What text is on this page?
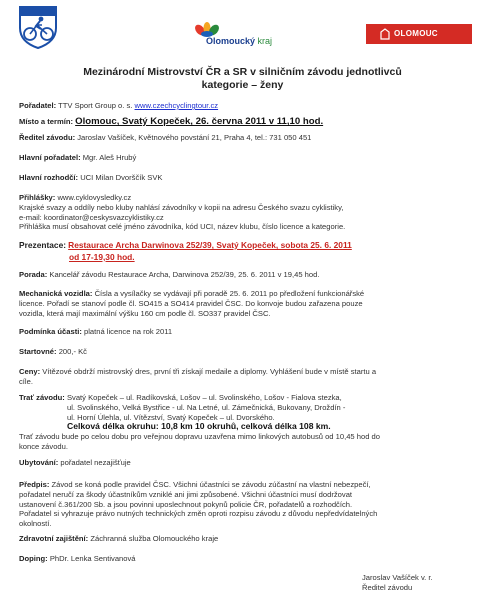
Olomoucký kraj
OLOMOUC
Mezinárodní Mistrovství ČR a SR v silničním závodu jednotlivců
kategorie – ženy
Pořadatel: TTV Sport Group o. s. www.czechcyclingtour.cz
Místo a termín: Olomouc, Svatý Kopeček, 26. června 2011 v 11,10 hod.
Ředitel závodu: Jaroslav Vašíček, Květnového povstání 21, Praha 4, tel.: 731 050 451
Hlavní pořadatel: Mgr. Aleš Hrubý
Hlavní rozhodčí: UCI Milan Dvorščík SVK
Přihlášky: www.cyklovysledky.cz
Krajské svazy a oddíly nebo kluby nahlásí závodníky v kopii na adresu Českého svazu cyklistiky,
e-mail: koordinator@ceskysvazcyklistiky.cz
Přihláška musí obsahovat celé jméno závodníka, kód UCI, název klubu, číslo licence a kategorie.
Prezentace: Restaurace Archa Darwinova 252/39, Svatý Kopeček, sobota 25. 6. 2011
od 17-19,30 hod.
Porada: Kancelář závodu Restaurace Archa, Darwinova 252/39, 25. 6. 2011 v 19,45 hod.
Mechanická vozidla: Čísla a vysílačky se vydávají při poradě 25. 6. 2011 po předložení funkcionářské
licence. Pořadí se stanoví podle čl. SO415 a SO414 pravidel ČSC. Do konvoje budou zařazena pouze
vozidla, která mají maximální výšku 160 cm podle čl. SO337 pravidel ČSC.
Podmínka účasti: platná licence na rok 2011
Startovné: 200,- Kč
Ceny: Vítězové obdrží mistrovský dres, první tři získají medaile a diplomy. Vyhlášení bude v místě startu a
cíle.
Trať závodu: Svatý Kopeček – ul. Radíkovská, Lošov – ul. Svolinského, Lošov - Fialova stezka,

ul. Svolinského, Velká Bystřice - ul. Na Letné, ul. Zámečnická, Bukovany, Droždín -
ul. Horní Úlehla, ul. Vítězství, Svatý Kopeček – ul. Dvorského.
Celková délka okruhu: 10,8 km 10 okruhů, celková délka 108 km.
Trať závodu bude po celou dobu pro veřejnou dopravu uzavřena mimo linkových autobusů od 10,45 hod do
konce závodu.
Ubytování: pořadatel nezajišťuje
Předpis: Závod se koná podle pravidel ČSC. Všichni účastníci se závodu zúčastní na vlastní nebezpečí,
pořadatel neručí za škody účastníkům vzniklé ani jimi způsobené. Všichni účastníci musí dodržovat
ustanovení č.361/200 Sb. a jsou povinni uposlechnout pokynů policie ČR, pořadatelů a rozhodčích.
Pořadatel si vyhrazuje právo nutných technických změn oproti rozpisu závodu z důvodu nepředvídatelných
okolností.
Zdravotní zajištění: Záchranná služba Olomouckého kraje
Doping: PhDr. Lenka Sentivanová
Jaroslav Vašíček v. r.
Ředitel závodu
